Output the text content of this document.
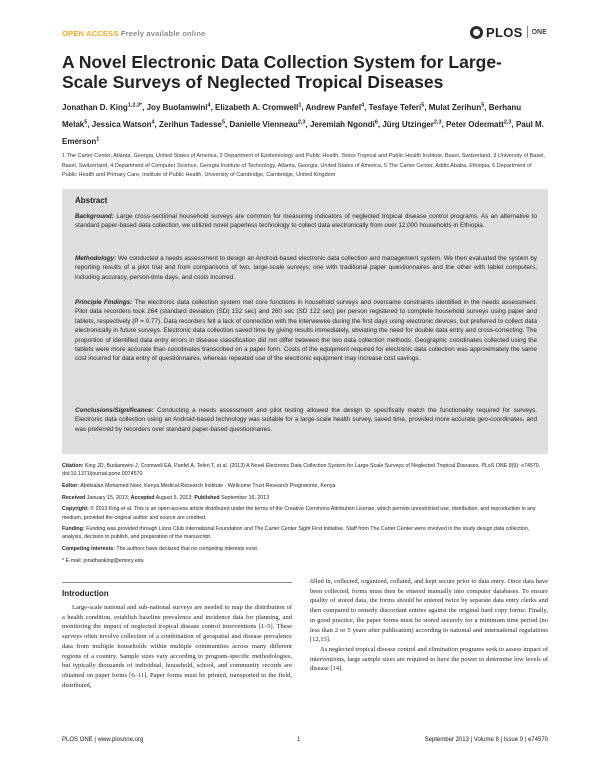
OPEN ACCESS Freely available online	PLOS ONE
A Novel Electronic Data Collection System for Large-Scale Surveys of Neglected Tropical Diseases
Jonathan D. King$^{1,2,3*}$, Joy Buolamwini$^4$, Elizabeth A. Cromwell$^1$, Andrew Panfel$^4$, Tesfaye Teferi$^5$, Mulat Zerihun$^5$, Berhanu Melak$^5$, Jessica Watson$^4$, Zerihun Tadesse$^5$, Danielle Vienneau$^{2,3}$, Jeremiah Ngondi$^6$, Jürg Utzinger$^{2,3}$, Peter Odermatt$^{2,3}$, Paul M. Emerson$^1$
1 The Carter Center, Atlanta, Georgia, United States of America, 2 Department of Epidemiology and Public Health, Swiss Tropical and Public Health Institute, Basel, Switzerland, 3 University of Basel, Basel, Switzerland, 4 Department of Computer Science, Georgia Institute of Technology, Atlanta, Georgia, United States of America, 5 The Carter Center, Addis Ababa, Ethiopia, 6 Department of Public Health and Primary Care, Institute of Public Health, University of Cambridge, Cambridge, United Kingdom
Abstract
Background: Large cross-sectional household surveys are common for measuring indicators of neglected tropical disease control programs. As an alternative to standard paper-based data collection, we utilized novel paperless technology to collect data electronically from over 12,000 households in Ethiopia.
Methodology: We conducted a needs assessment to design an Android-based electronic data collection and management system. We then evaluated the system by reporting results of a pilot trial and from comparisons of two, large-scale surveys; one with traditional paper questionnaires and the other with tablet computers, including accuracy, person-time days, and costs incurred.
Principle Findings: The electronic data collection system met core functions in household surveys and overcame constraints identified in the needs assessment. Pilot data recorders took 264 (standard deviation (SD) 152 sec) and 260 sec (SD 122 sec) per person registered to complete household surveys using paper and tablets, respectively (P = 0.77). Data recorders felt a lack of connection with the interviewee during the first days using electronic devices, but preferred to collect data electronically in future surveys. Electronic data collection saved time by giving results immediately, obviating the need for double data entry and cross-correcting. The proportion of identified data entry errors in disease classification did not differ between the two data collection methods. Geographic coordinates collected using the tablets were more accurate than coordinates transcribed on a paper form. Costs of the equipment required for electronic data collection was approximately the same cost incurred for data entry of questionnaires, whereas repeated use of the electronic equipment may increase cost savings.
Conclusions/Significance: Conducting a needs assessment and pilot testing allowed the design to specifically match the functionality required for surveys. Electronic data collection using an Android-based technology was suitable for a large-scale health survey, saved time, provided more accurate geo-coordinates, and was preferred by recorders over standard paper-based questionnaires.

Citation: King JD, Buolamwini J, Cromwell EA, Panfel A, Teferi T, et al. (2013) A Novel Electronic Data Collection System for Large-Scale Surveys of Neglected Tropical Diseases. PLoS ONE 8(9): e74570. doi:10.1371/journal.pone.0074570

Editor: Abdisalan Mohamed Noor, Kenya Medical Research Institute - Wellcome Trust Research Programme, Kenya

Received January 15, 2013; Accepted August 5, 2013; Published September 16, 2013

Copyright: © 2013 King et al. This is an open-access article distributed under the terms of the Creative Commons Attribution License, which permits unrestricted use, distribution, and reproduction in any medium, provided the original author and source are credited.

Funding: Funding was provided through Lions Club International Foundation and The Carter Center Sight First Initiative. Staff from The Carter Center were involved in the study design,data collection, analysis, decision to publish, and preparation of the manuscript.

Competing Interests: The authors have declared that no competing interests exist.

* E-mail: jonathanking@emory.edu

Introduction

Large-scale national and sub-national surveys are needed to map the distribution of a health condition, establish baseline prevalence and incidence data for planning, and monitoring the impact of neglected tropical disease control interventions [1–5]. These surveys often involve collection of a combination of geospatial and disease prevalence data from multiple households within multiple communities across many different regions of a country. Sample sizes vary according to program-specific methodologies, but typically thousands of individual, household, school, and community records are obtained on paper forms [6–11]. Paper forms must be printed, transported to the field, distributed,

filled in, collected, organized, collated, and kept secure prior to data entry. Once data have been collected, forms must then be entered manually into computer databases. To ensure quality of stored data, the forms should be entered twice by separate data entry clerks and then compared to remedy discordant entries against the original hard copy forms. Finally, in good practice, the paper forms must be stored securely for a minimum time period (no less than 2 or 5 years after publication) according to national and international regulations [12,13].

As neglected tropical disease control and elimination programs seek to assess impact of interventions, large sample sizes are required to have the power to determine low levels of disease [14].

PLOS ONE | www.plosone.org	1	September 2013 | Volume 8 | Issue 9 | e74570
